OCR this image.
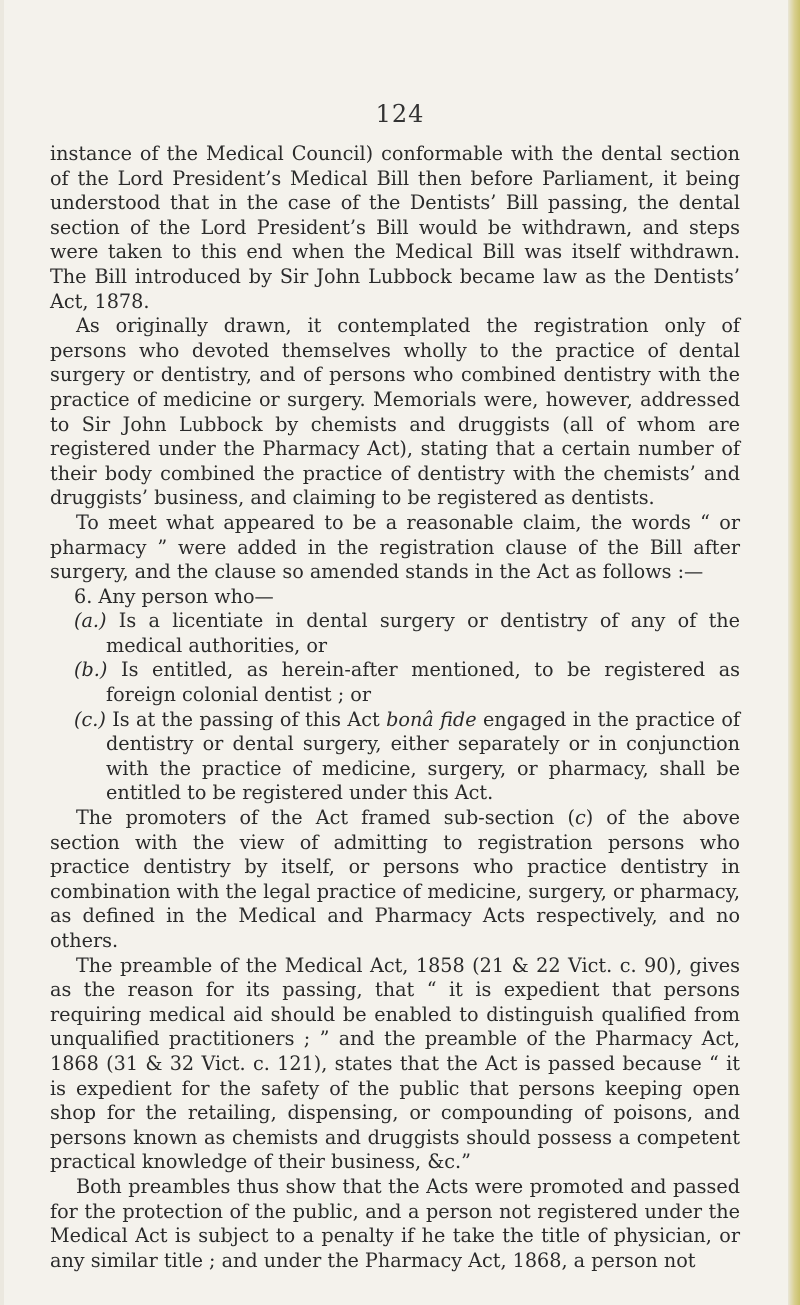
124

instance of the Medical Council) conformable with the dental section of the Lord President’s Medical Bill then before Parliament, it being understood that in the case of the Dentists’ Bill passing, the dental section of the Lord President’s Bill would be withdrawn, and steps were taken to this end when the Medical Bill was itself withdrawn. The Bill introduced by Sir John Lubbock became law as the Dentists’ Act, 1878.

As originally drawn, it contemplated the registration only of persons who devoted themselves wholly to the practice of dental surgery or dentistry, and of persons who combined dentistry with the practice of medicine or surgery. Memorials were, however, addressed to Sir John Lubbock by chemists and druggists (all of whom are registered under the Pharmacy Act), stating that a certain number of their body combined the practice of dentistry with the chemists’ and druggists’ business, and claiming to be registered as dentists.

To meet what appeared to be a reasonable claim, the words “ or pharmacy ” were added in the registration clause of the Bill after surgery, and the clause so amended stands in the Act as follows :—

6. Any person who—

(a.) Is a licentiate in dental surgery or dentistry of any of the medical authorities, or

(b.) Is entitled, as herein-after mentioned, to be registered as foreign colonial dentist ; or

(c.) Is at the passing of this Act bonâ fide engaged in the practice of dentistry or dental surgery, either separately or in conjunction with the practice of medicine, surgery, or pharmacy, shall be entitled to be registered under this Act.

The promoters of the Act framed sub-section (c) of the above section with the view of admitting to registration persons who practice dentistry by itself, or persons who practice dentistry in combination with the legal practice of medicine, surgery, or pharmacy, as defined in the Medical and Pharmacy Acts respectively, and no others.

The preamble of the Medical Act, 1858 (21 & 22 Vict. c. 90), gives as the reason for its passing, that “ it is expedient that persons requiring medical aid should be enabled to distinguish qualified from unqualified practitioners ; ” and the preamble of the Pharmacy Act, 1868 (31 & 32 Vict. c. 121), states that the Act is passed because “ it is expedient for the safety of the public that persons keeping open shop for the retailing, dispensing, or compounding of poisons, and persons known as chemists and druggists should possess a competent practical knowledge of their business, &c.”

Both preambles thus show that the Acts were promoted and passed for the protection of the public, and a person not registered under the Medical Act is subject to a penalty if he take the title of physician, or any similar title ; and under the Pharmacy Act, 1868, a person not
